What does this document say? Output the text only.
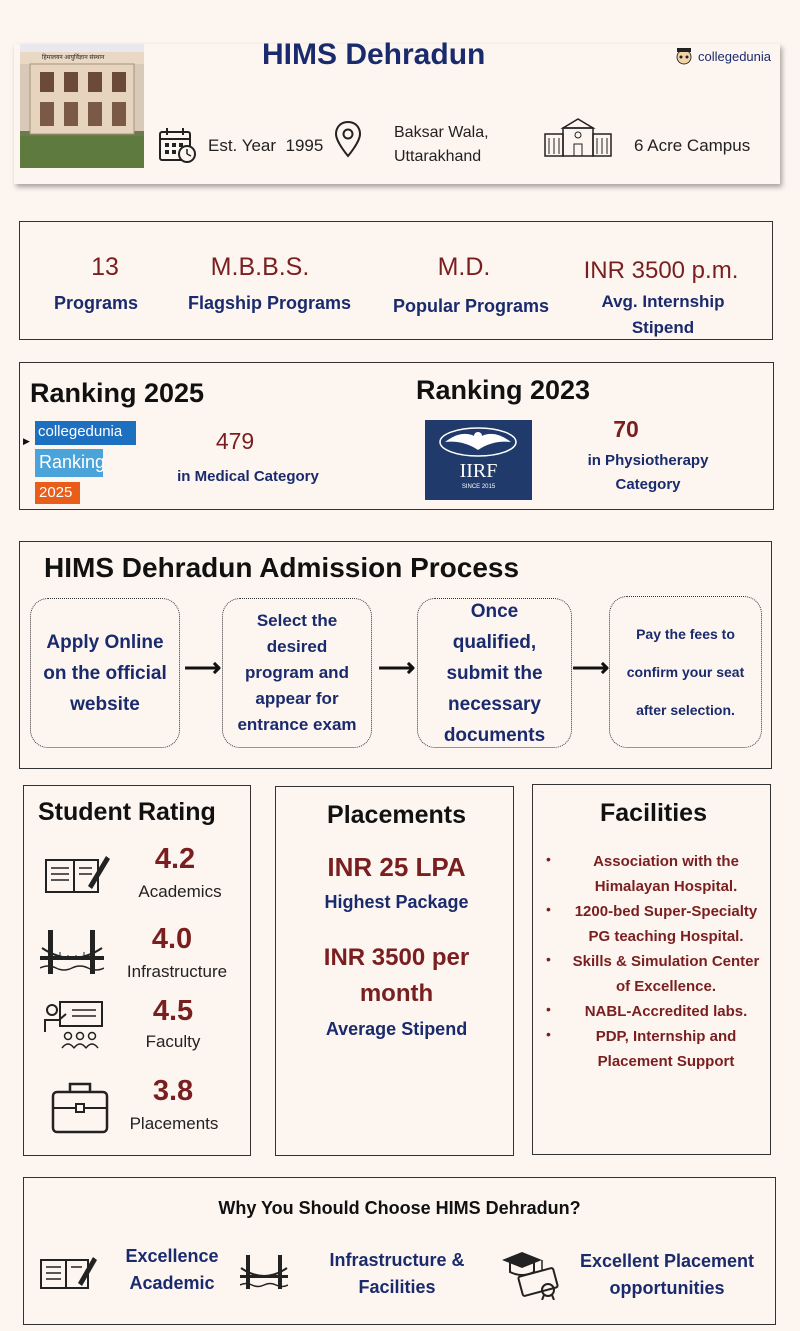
हिमालयन आयुर्विज्ञान संस्थान	HIMS Dehradun	collegedunia
Est. Year 1995
Baksar Wala,
Uttarakhand
6 Acre Campus
13
Programs
M.B.B.S.
Flagship Programs
M.D.
Popular Programs
INR 3500 p.m.
Avg. Internship
Stipend
Ranking 2025
▶
collegedunia
Ranking
2025
479
in Medical Category
Ranking 2023
IIRF
SINCE 2015
70
in Physiotherapy
Category
HIMS Dehradun Admission Process
Apply Online
on the official
website
⟶
Select the
desired
program and
appear for
entrance exam
⟶
Once
qualified,
submit the
necessary
documents
⟶
Pay the fees to
confirm your seat
after selection.
Student Rating
4.2
Academics
4.0
Infrastructure
4.5
Faculty
3.8
Placements
Placements
INR 25 LPA
Highest Package
INR 3500 per
month
Average Stipend
Facilities
•	Association with the
Himalayan Hospital.
•	1200-bed Super-Specialty
PG teaching Hospital.
•	Skills & Simulation Center
of Excellence.
•	NABL-Accredited labs.
•	PDP, Internship and
Placement Support
Why You Should Choose HIMS Dehradun?
Excellence
Academic
Infrastructure &
Facilities
Excellent Placement
opportunities
